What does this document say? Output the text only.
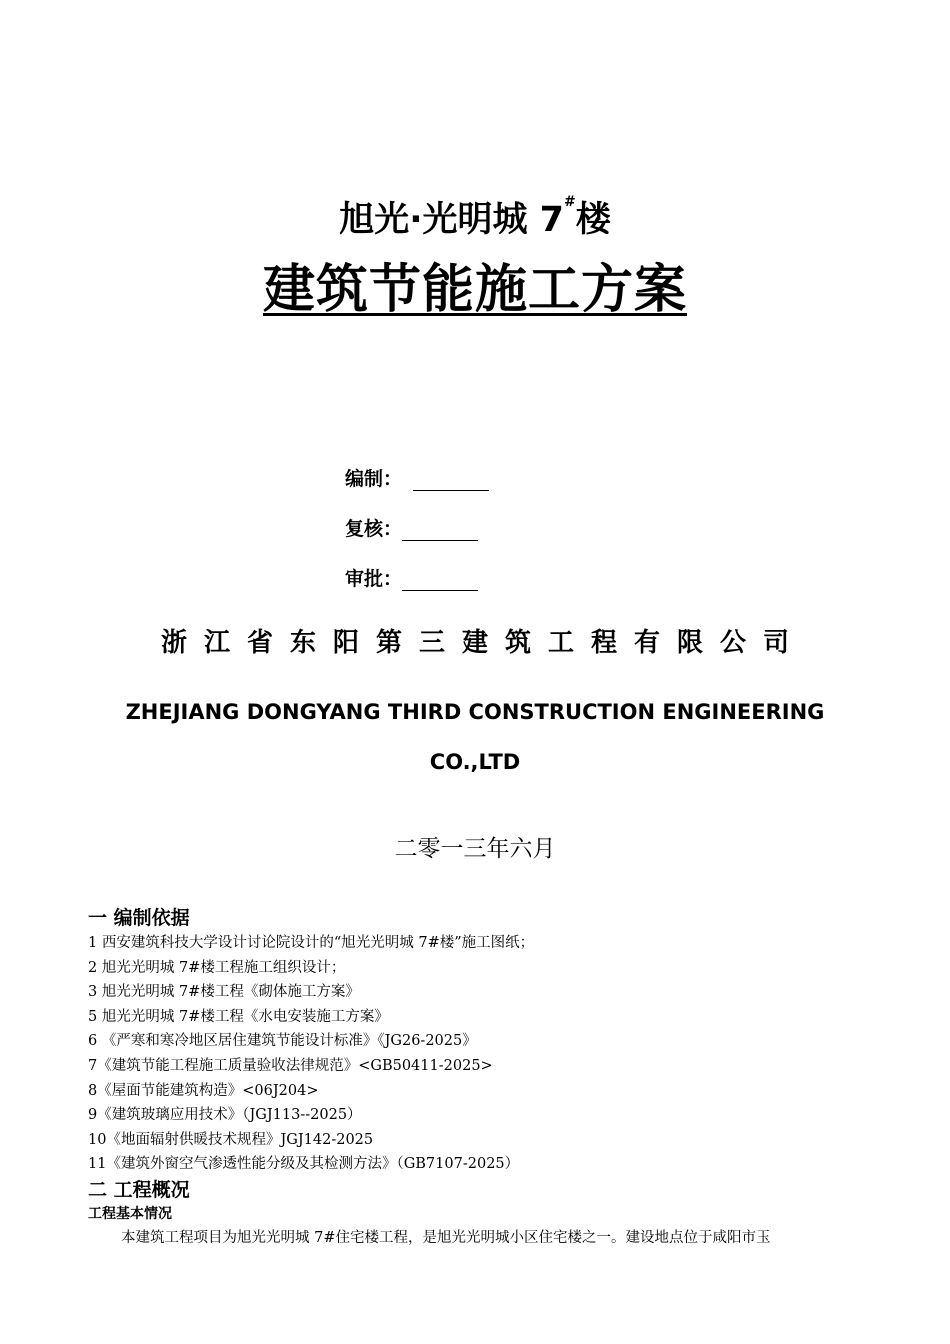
旭光·光明城 7#楼
建筑节能施工方案
编制：
复核：
审批：
浙江省东阳第三建筑工程有限公司
ZHEJIANG DONGYANG THIRD CONSTRUCTION ENGINEERING
CO.,LTD
二零一三年六月
一 编制依据
1 西安建筑科技大学设计讨论院设计的“旭光光明城 7#楼”施工图纸；
2 旭光光明城 7#楼工程施工组织设计；
3 旭光光明城 7#楼工程《砌体施工方案》
5 旭光光明城 7#楼工程《水电安装施工方案》
6 《严寒和寒冷地区居住建筑节能设计标准》《JG26-2025》
7《建筑节能工程施工质量验收法律规范》<GB50411-2025>
8《屋面节能建筑构造》<06J204>
9《建筑玻璃应用技术》（JGJ113--2025）
10《地面辐射供暖技术规程》JGJ142-2025
11《建筑外窗空气渗透性能分级及其检测方法》（GB7107-2025）
二 工程概况
工程基本情况
本建筑工程项目为旭光光明城 7#住宅楼工程，是旭光光明城小区住宅楼之一。建设地点位于咸阳市玉
